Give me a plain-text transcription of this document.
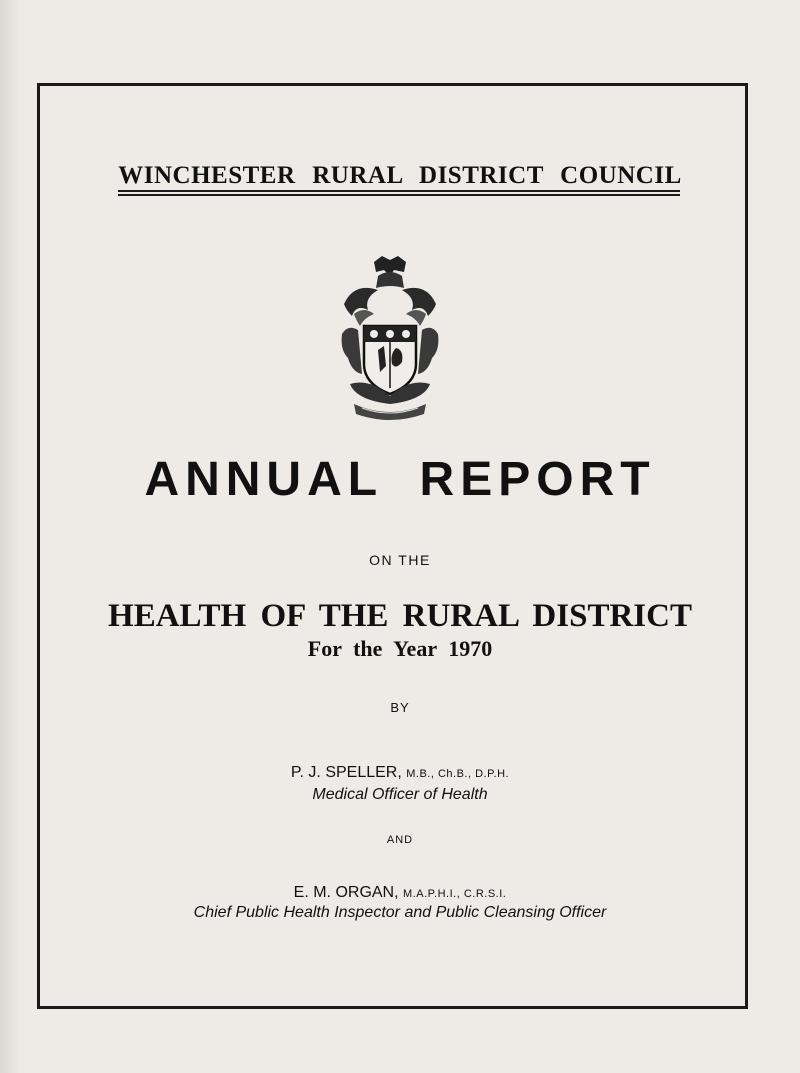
WINCHESTER RURAL DISTRICT COUNCIL
ANNUAL REPORT
ON THE
HEALTH OF THE RURAL DISTRICT
For the Year 1970
BY
P. J. SPELLER, M.B., Ch.B., D.P.H.
Medical Officer of Health
AND
E. M. ORGAN, M.A.P.H.I., C.R.S.I.
Chief Public Health Inspector and Public Cleansing Officer
